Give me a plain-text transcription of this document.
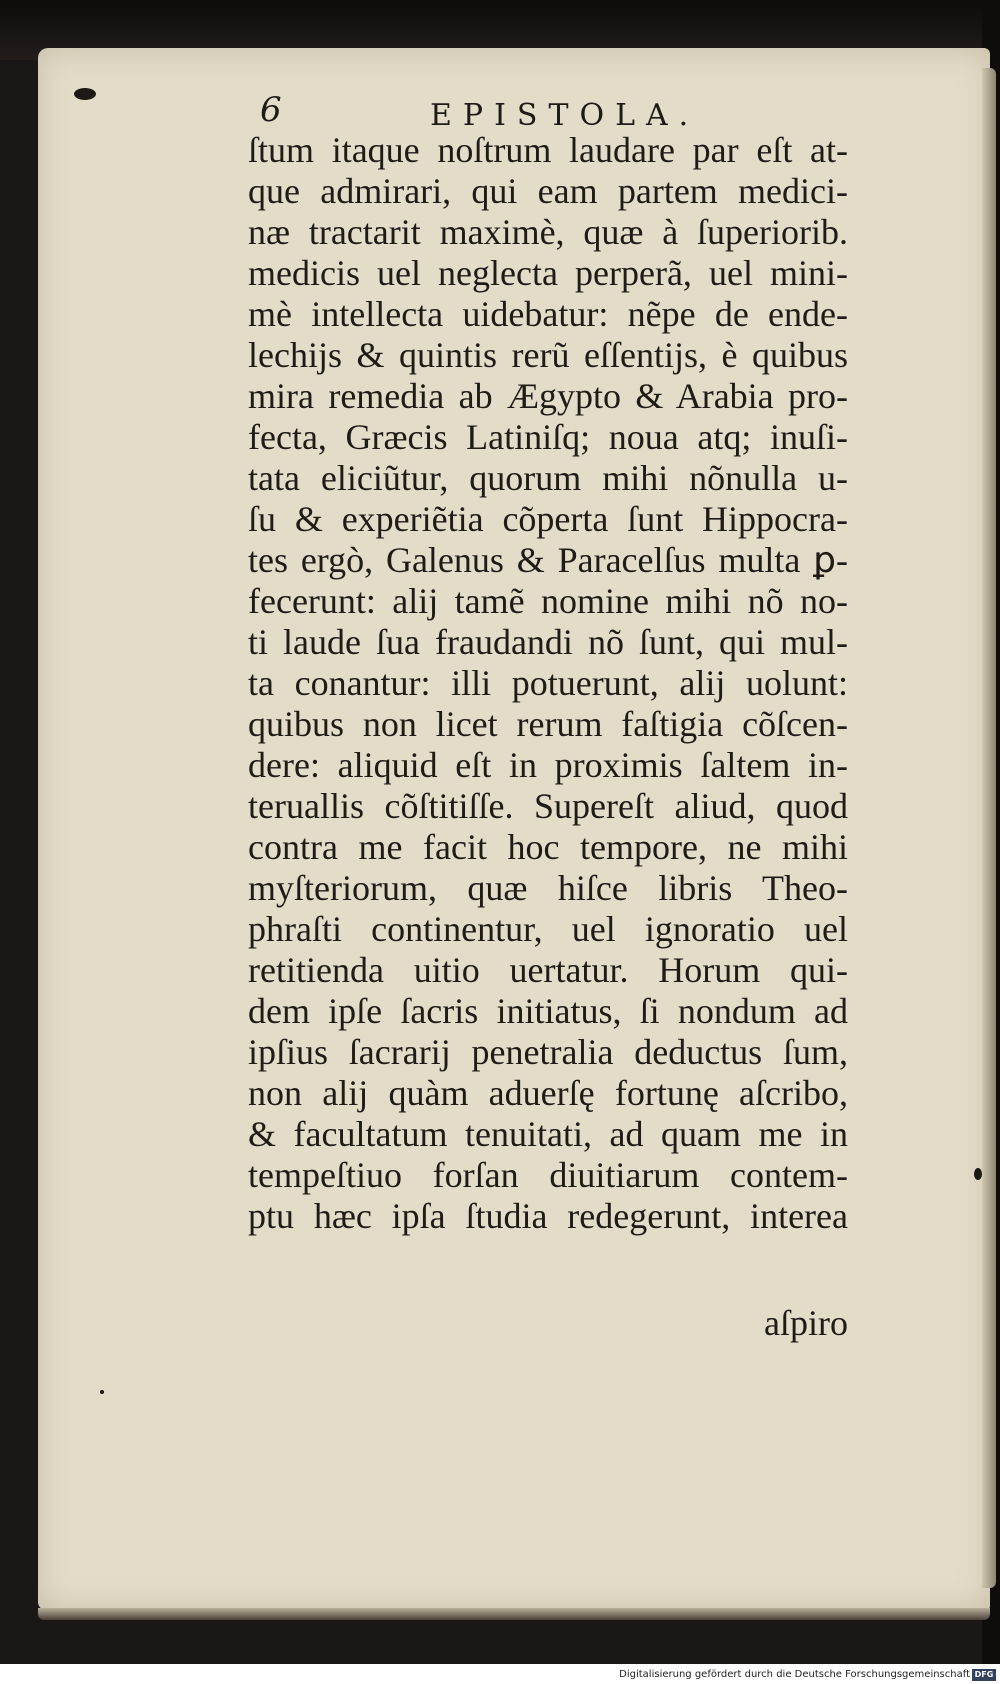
6	EPISTOLA.
ſtum itaque noſtrum laudare par eſt at-
que admirari, qui eam partem medici-
næ tractarit maximè, quæ à ſuperiorib.
medicis uel neglecta perperã, uel mini-
mè intellecta uidebatur: nẽpe de ende-
lechijs & quintis rerũ eſſentijs, è quibus
mira remedia ab Ægypto & Arabia pro-
fecta, Græcis Latiniſq; noua atq; inuſi-
tata eliciũtur, quorum mihi nõnulla u-
ſu & experiẽtia cõperta ſunt Hippocra-
tes ergò, Galenus & Paracelſus multa ꝑ-
fecerunt: alij tamẽ nomine mihi nõ no-
ti laude ſua fraudandi nõ ſunt, qui mul-
ta conantur: illi potuerunt, alij uolunt:
quibus non licet rerum faſtigia cõſcen-
dere: aliquid eſt in proximis ſaltem in-
teruallis cõſtitiſſe. Supereſt aliud, quod
contra me facit hoc tempore, ne mihi
myſteriorum, quæ hiſce libris Theo-
phraſti continentur, uel ignoratio uel
retitienda uitio uertatur. Horum qui-
dem ipſe ſacris initiatus, ſi nondum ad
ipſius ſacrarij penetralia deductus ſum,
non alij quàm aduerſę fortunę aſcribo,
& facultatum tenuitati, ad quam me in
tempeſtiuo forſan diuitiarum contem-
ptu hæc ipſa ſtudia redegerunt, interea
aſpiro
Digitalisierung gefördert durch die Deutsche Forschungsgemeinschaft DFG
